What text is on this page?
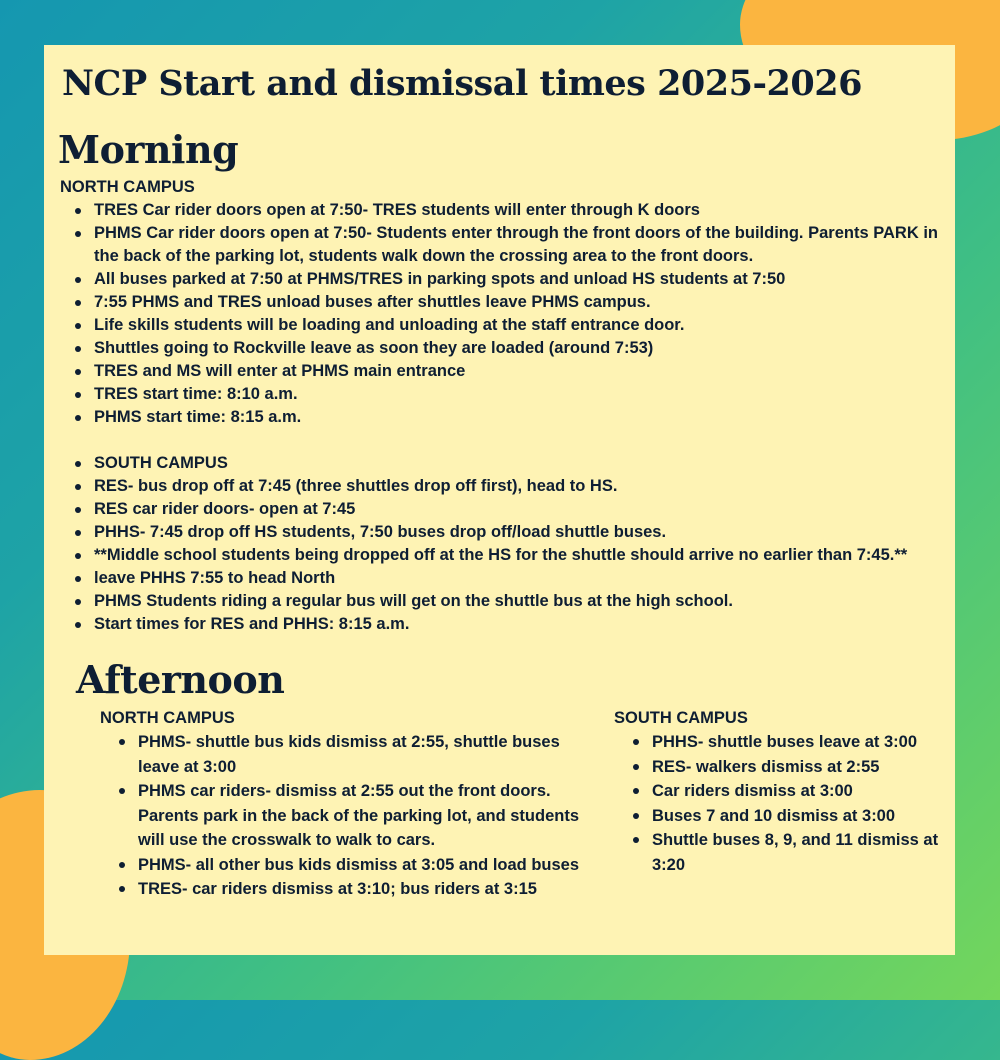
NCP Start and dismissal times 2025-2026
Morning
NORTH CAMPUS
TRES Car rider doors open at 7:50- TRES students will enter through K doors
PHMS Car rider doors open at 7:50- Students enter through the front doors of the building. Parents PARK in the back of the parking lot, students walk down the crossing area to the front doors.
All buses parked at 7:50 at PHMS/TRES in parking spots and unload HS students at 7:50
7:55 PHMS and TRES unload buses after shuttles leave PHMS campus.
Life skills students will be loading and unloading at the staff entrance door.
Shuttles going to Rockville leave as soon they are loaded (around 7:53)
TRES and MS will enter at PHMS main entrance
TRES start time: 8:10 a.m.
PHMS start time: 8:15 a.m.
SOUTH CAMPUS
RES- bus drop off at 7:45 (three shuttles drop off first), head to HS.
RES car rider doors- open at 7:45
PHHS- 7:45 drop off HS students, 7:50 buses drop off/load shuttle buses.
**Middle school students being dropped off at the HS for the shuttle should arrive no earlier than 7:45.**
leave PHHS 7:55 to head North
PHMS Students riding a regular bus will get on the shuttle bus at the high school.
Start times for RES and PHHS: 8:15 a.m.
Afternoon
NORTH CAMPUS
PHMS- shuttle bus kids dismiss at 2:55, shuttle buses leave at 3:00
PHMS car riders- dismiss at 2:55 out the front doors. Parents park in the back of the parking lot, and students will use the crosswalk to walk to cars.
PHMS- all other bus kids dismiss at 3:05 and load buses
TRES- car riders dismiss at 3:10; bus riders at 3:15
SOUTH CAMPUS
PHHS- shuttle buses leave at 3:00
RES- walkers dismiss at 2:55
Car riders dismiss at 3:00
Buses 7 and 10 dismiss at 3:00
Shuttle buses 8, 9, and 11 dismiss at 3:20
